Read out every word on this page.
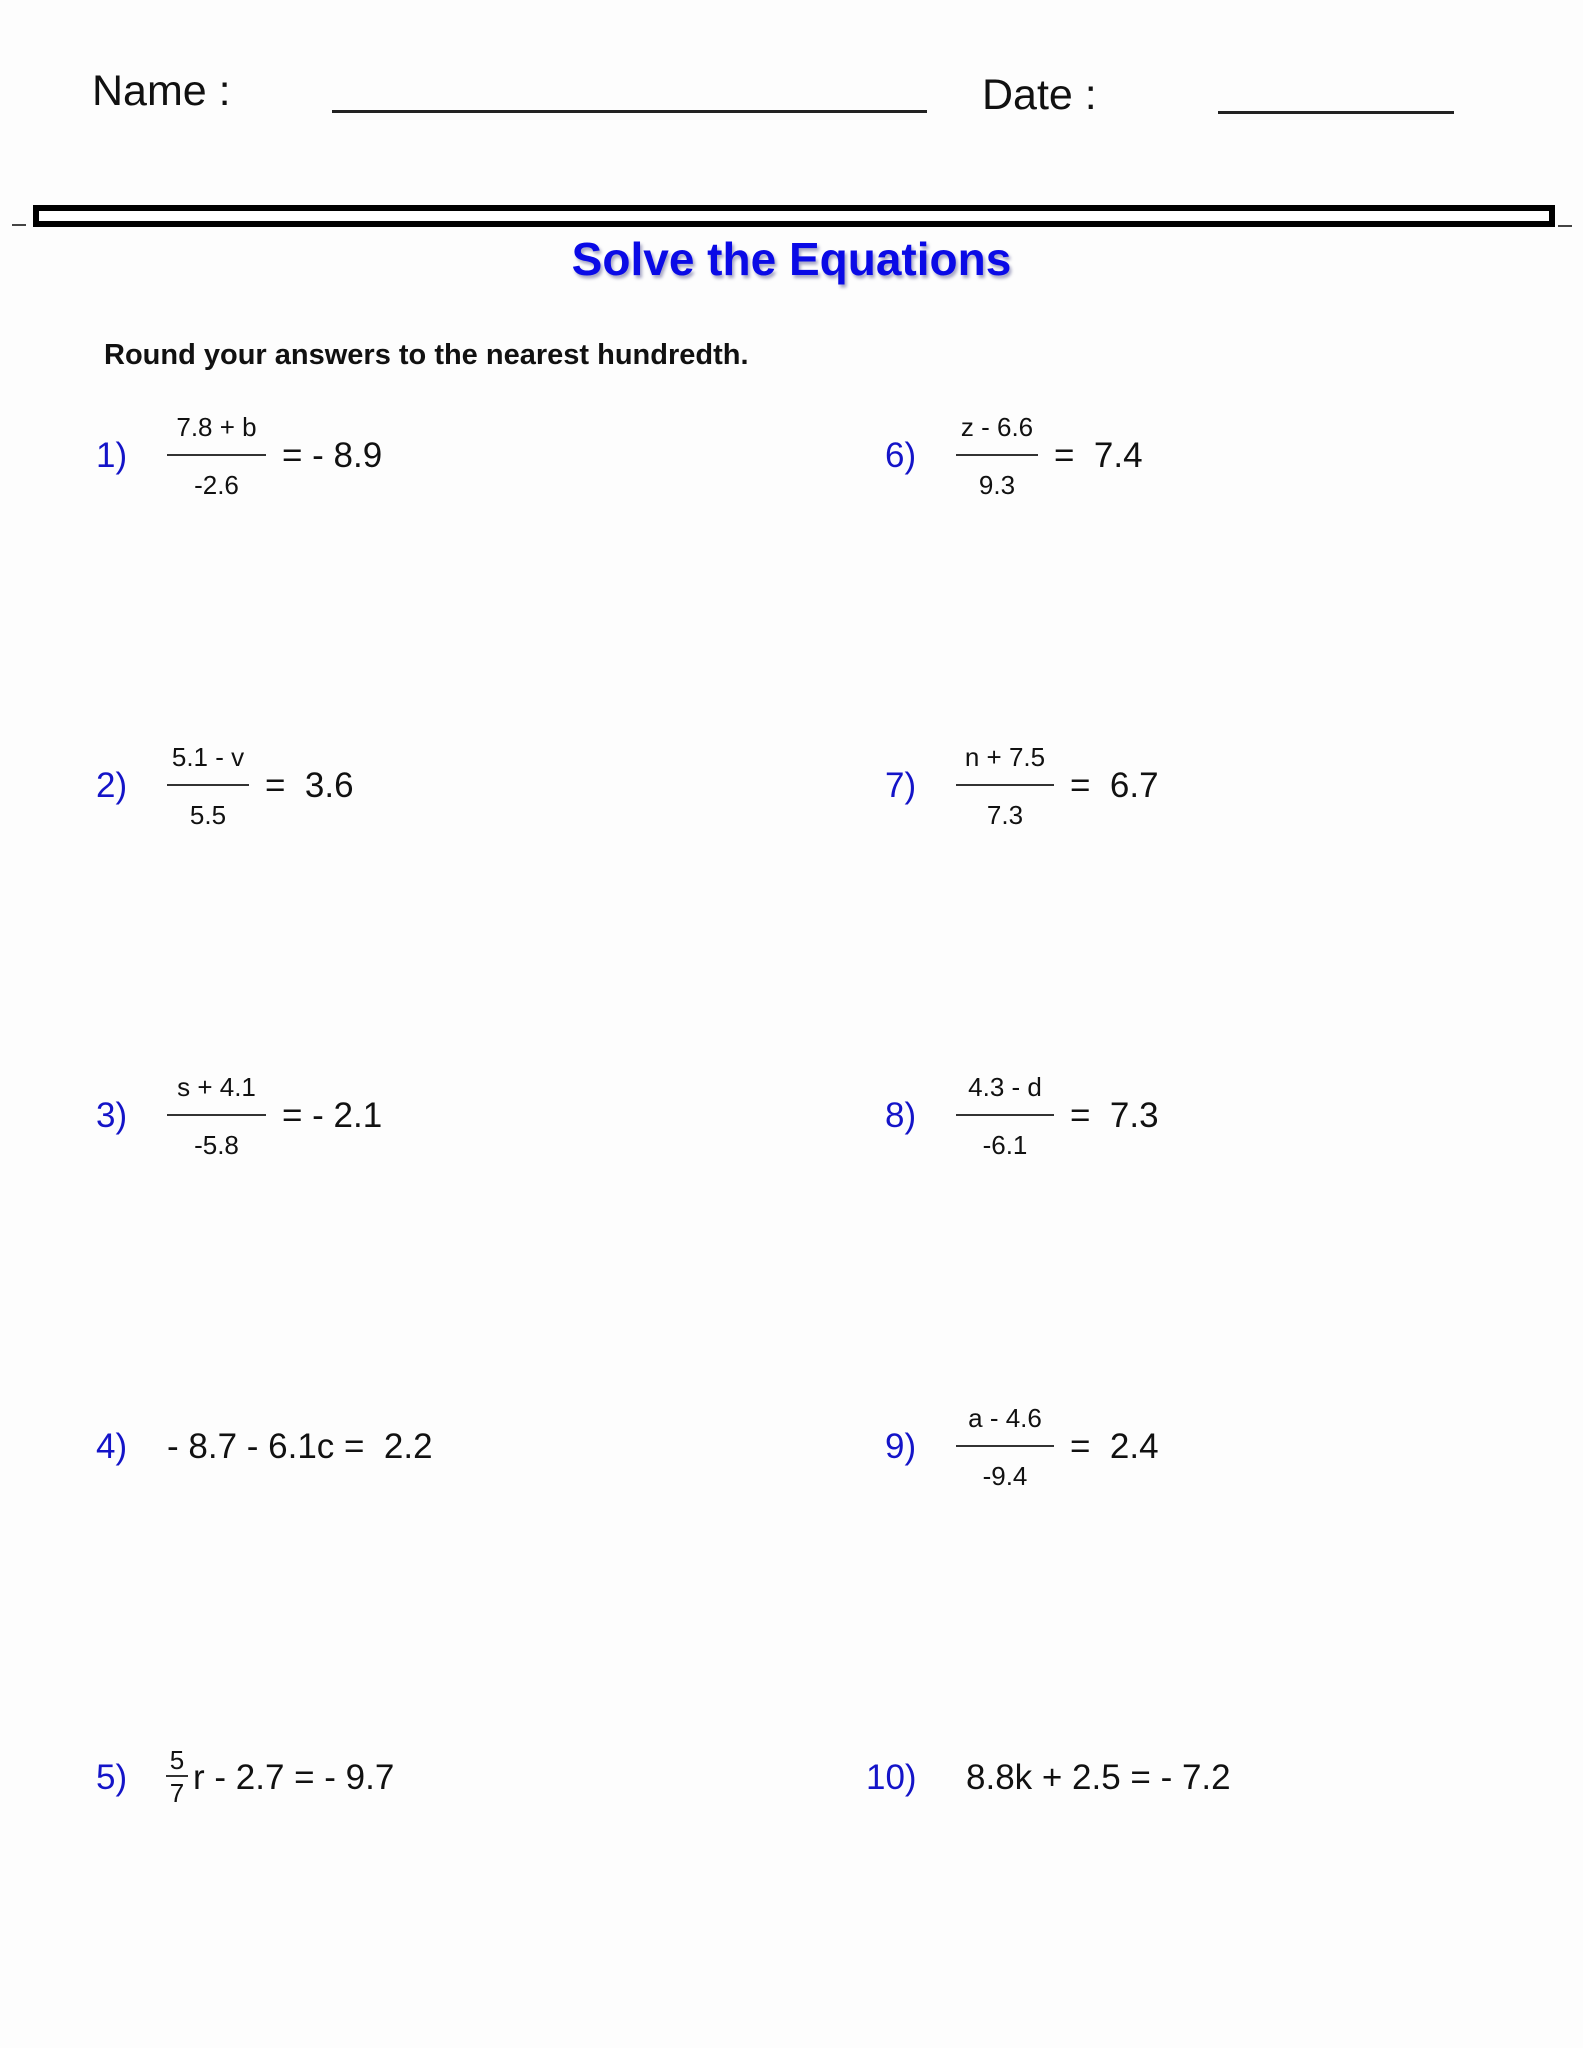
Name :	Date :
Solve the Equations
Round your answers to the nearest hundredth.
1)
7.8 + b
-2.6
= - 8.9
2)
5.1 - v
5.5
=  3.6
3)
s + 4.1
-5.8
= - 2.1
4) - 8.7 - 6.1c =  2.2
5) 5
7 r - 2.7 = - 9.7
6)
z - 6.6
9.3
=  7.4
7)
n + 7.5
7.3
=  6.7
8)
4.3 - d
-6.1
=  7.3
9)
a - 4.6
-9.4
=  2.4
10) 8.8k + 2.5 = - 7.2
